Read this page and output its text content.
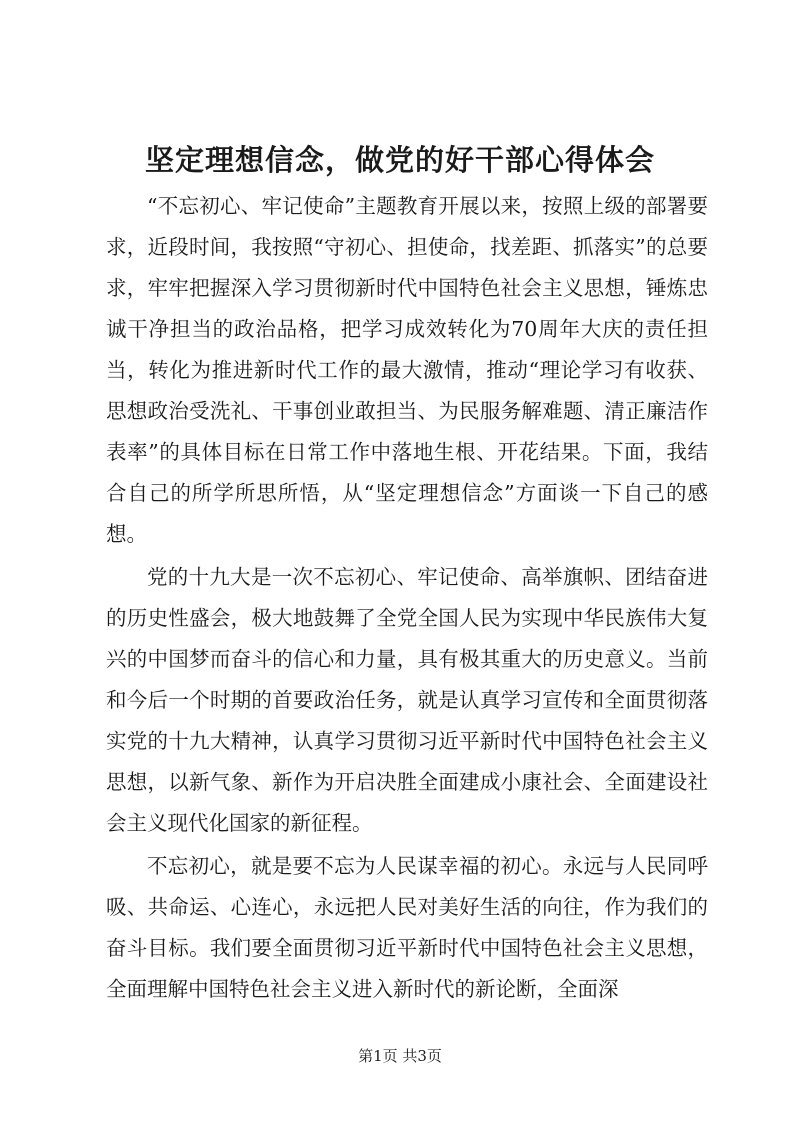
坚定理想信念，做党的好干部心得体会

“不忘初心、牢记使命”主题教育开展以来，按照上级的部署要求，近段时间，我按照“守初心、担使命，找差距、抓落实”的总要求，牢牢把握深入学习贯彻新时代中国特色社会主义思想，锤炼忠诚干净担当的政治品格，把学习成效转化为70周年大庆的责任担当，转化为推进新时代工作的最大激情，推动“理论学习有收获、思想政治受洗礼、干事创业敢担当、为民服务解难题、清正廉洁作表率”的具体目标在日常工作中落地生根、开花结果。下面，我结合自己的所学所思所悟，从“坚定理想信念”方面谈一下自己的感想。

党的十九大是一次不忘初心、牢记使命、高举旗帜、团结奋进的历史性盛会，极大地鼓舞了全党全国人民为实现中华民族伟大复兴的中国梦而奋斗的信心和力量，具有极其重大的历史意义。当前和今后一个时期的首要政治任务，就是认真学习宣传和全面贯彻落实党的十九大精神，认真学习贯彻习近平新时代中国特色社会主义思想，以新气象、新作为开启决胜全面建成小康社会、全面建设社会主义现代化国家的新征程。

不忘初心，就是要不忘为人民谋幸福的初心。永远与人民同呼吸、共命运、心连心，永远把人民对美好生活的向往，作为我们的奋斗目标。我们要全面贯彻习近平新时代中国特色社会主义思想，全面理解中国特色社会主义进入新时代的新论断，全面深

第1页 共3页
